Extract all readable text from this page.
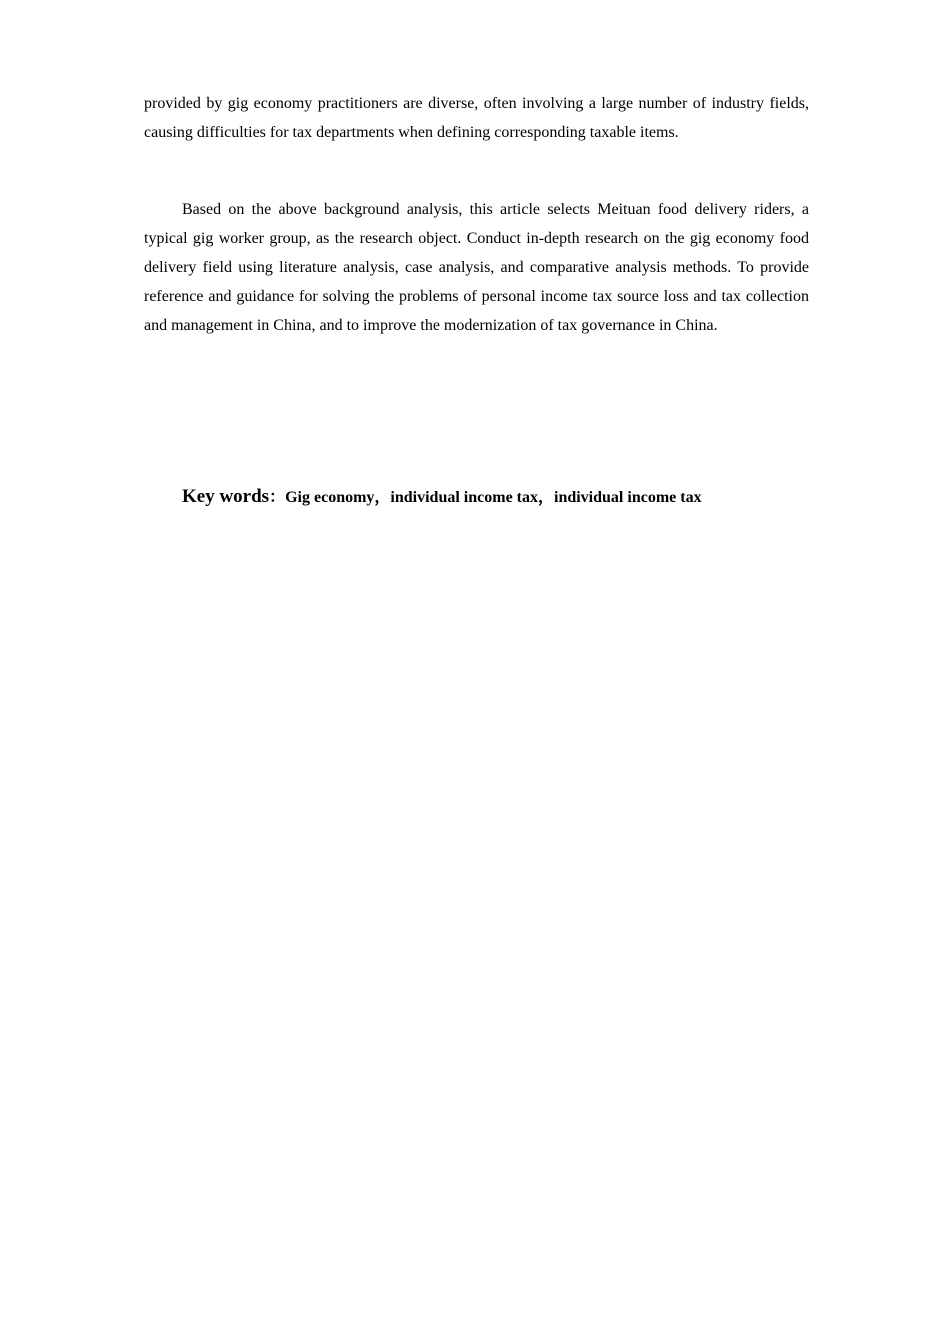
provided by gig economy practitioners are diverse, often involving a large number of industry fields, causing difficulties for tax departments when defining corresponding taxable items.

Based on the above background analysis, this article selects Meituan food delivery riders, a typical gig worker group, as the research object. Conduct in-depth research on the gig economy food delivery field using literature analysis, case analysis, and comparative analysis methods. To provide reference and guidance for solving the problems of personal income tax source loss and tax collection and management in China, and to improve the modernization of tax governance in China.

Key words：Gig economy，individual income tax，individual income tax
